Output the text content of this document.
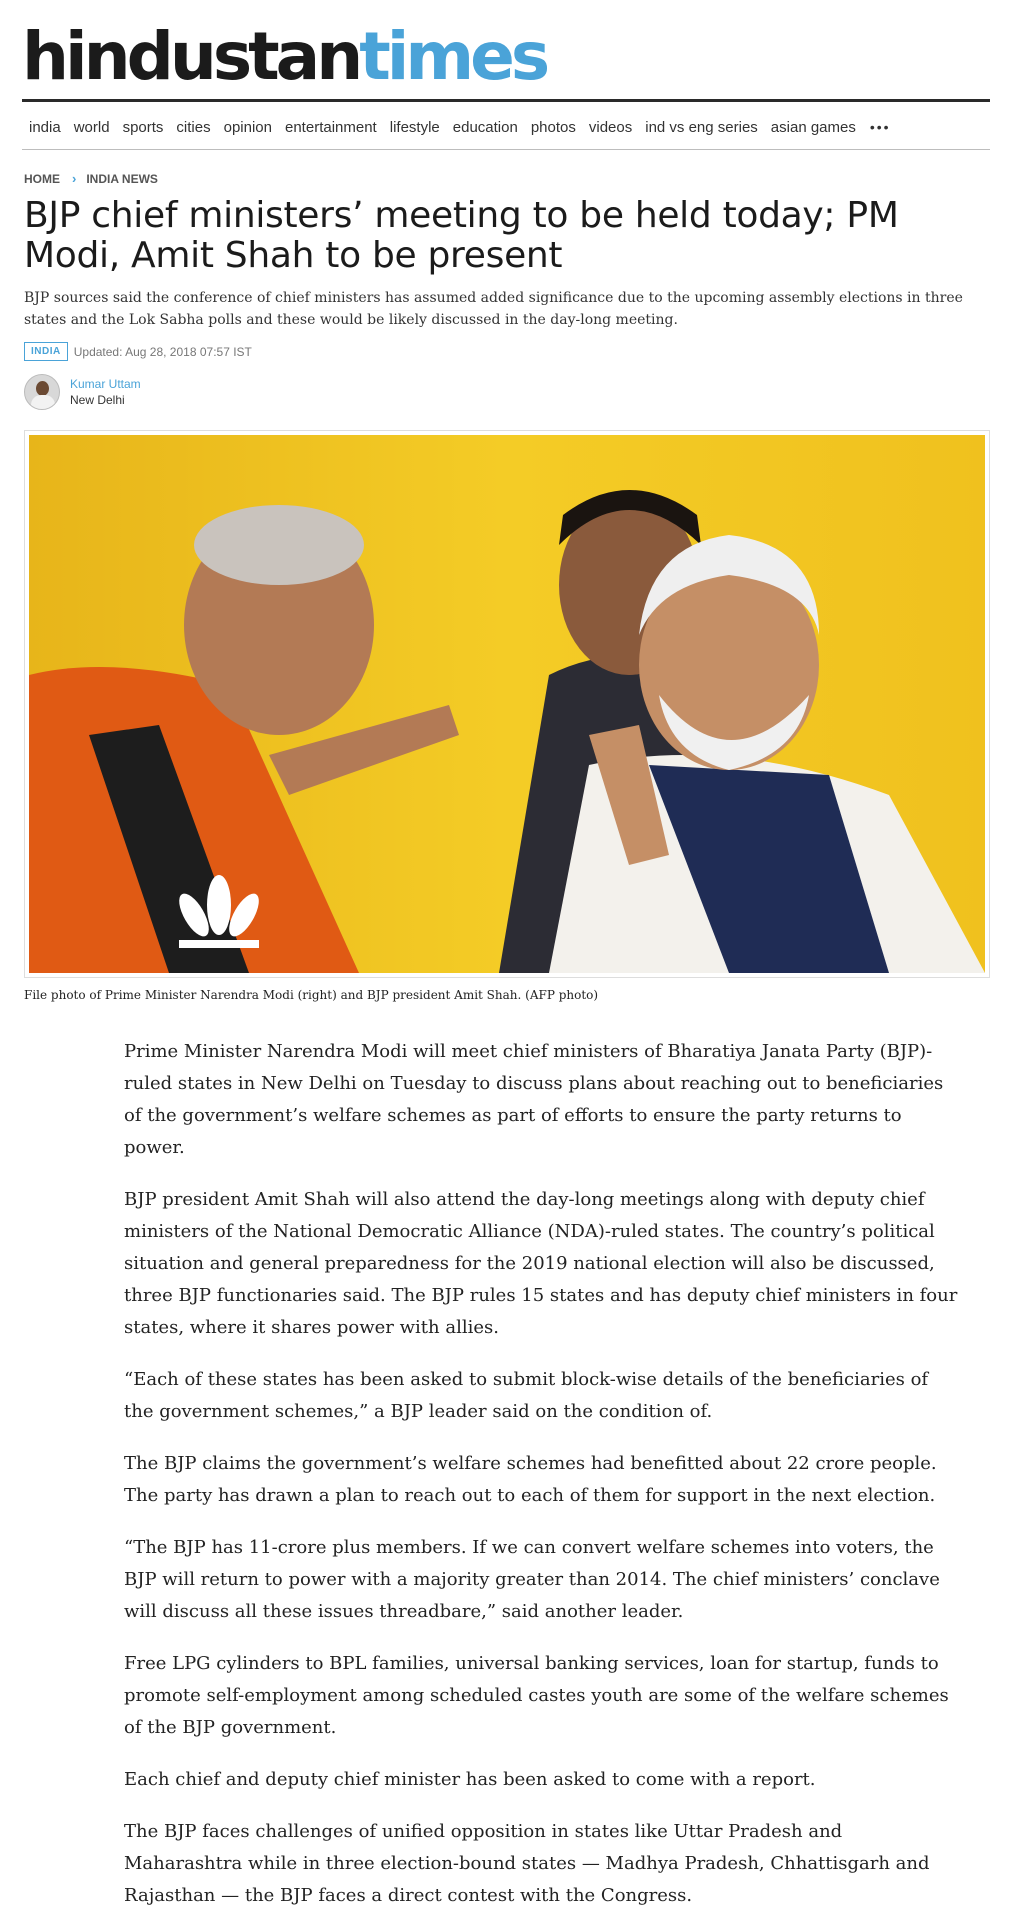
hindustantimes
india world sports cities opinion entertainment lifestyle education photos videos ind vs eng series asian games •••
HOME › INDIA NEWS
BJP chief ministers’ meeting to be held today; PM Modi, Amit Shah to be present

BJP sources said the conference of chief ministers has assumed added significance due to the upcoming assembly elections in three states and the Lok Sabha polls and these would be likely discussed in the day-long meeting.

INDIA	Updated: Aug 28, 2018 07:57 IST
Kumar Uttam
New Delhi
File photo of Prime Minister Narendra Modi (right) and BJP president Amit Shah. (AFP photo)

Prime Minister Narendra Modi will meet chief ministers of Bharatiya Janata Party (BJP)-ruled states in New Delhi on Tuesday to discuss plans about reaching out to beneficiaries of the government’s welfare schemes as part of efforts to ensure the party returns to power.

BJP president Amit Shah will also attend the day-long meetings along with deputy chief ministers of the National Democratic Alliance (NDA)-ruled states. The country’s political situation and general preparedness for the 2019 national election will also be discussed, three BJP functionaries said. The BJP rules 15 states and has deputy chief ministers in four states, where it shares power with allies.

“Each of these states has been asked to submit block-wise details of the beneficiaries of the government schemes,” a BJP leader said on the condition of.

The BJP claims the government’s welfare schemes had benefitted about 22 crore people. The party has drawn a plan to reach out to each of them for support in the next election.

“The BJP has 11-crore plus members. If we can convert welfare schemes into voters, the BJP will return to power with a majority greater than 2014. The chief ministers’ conclave will discuss all these issues threadbare,” said another leader.

Free LPG cylinders to BPL families, universal banking services, loan for startup, funds to promote self-employment among scheduled castes youth are some of the welfare schemes of the BJP government.

Each chief and deputy chief minister has been asked to come with a report.

The BJP faces challenges of unified opposition in states like Uttar Pradesh and Maharashtra while in three election-bound states — Madhya Pradesh, Chhattisgarh and Rajasthan — the BJP faces a direct contest with the Congress.
